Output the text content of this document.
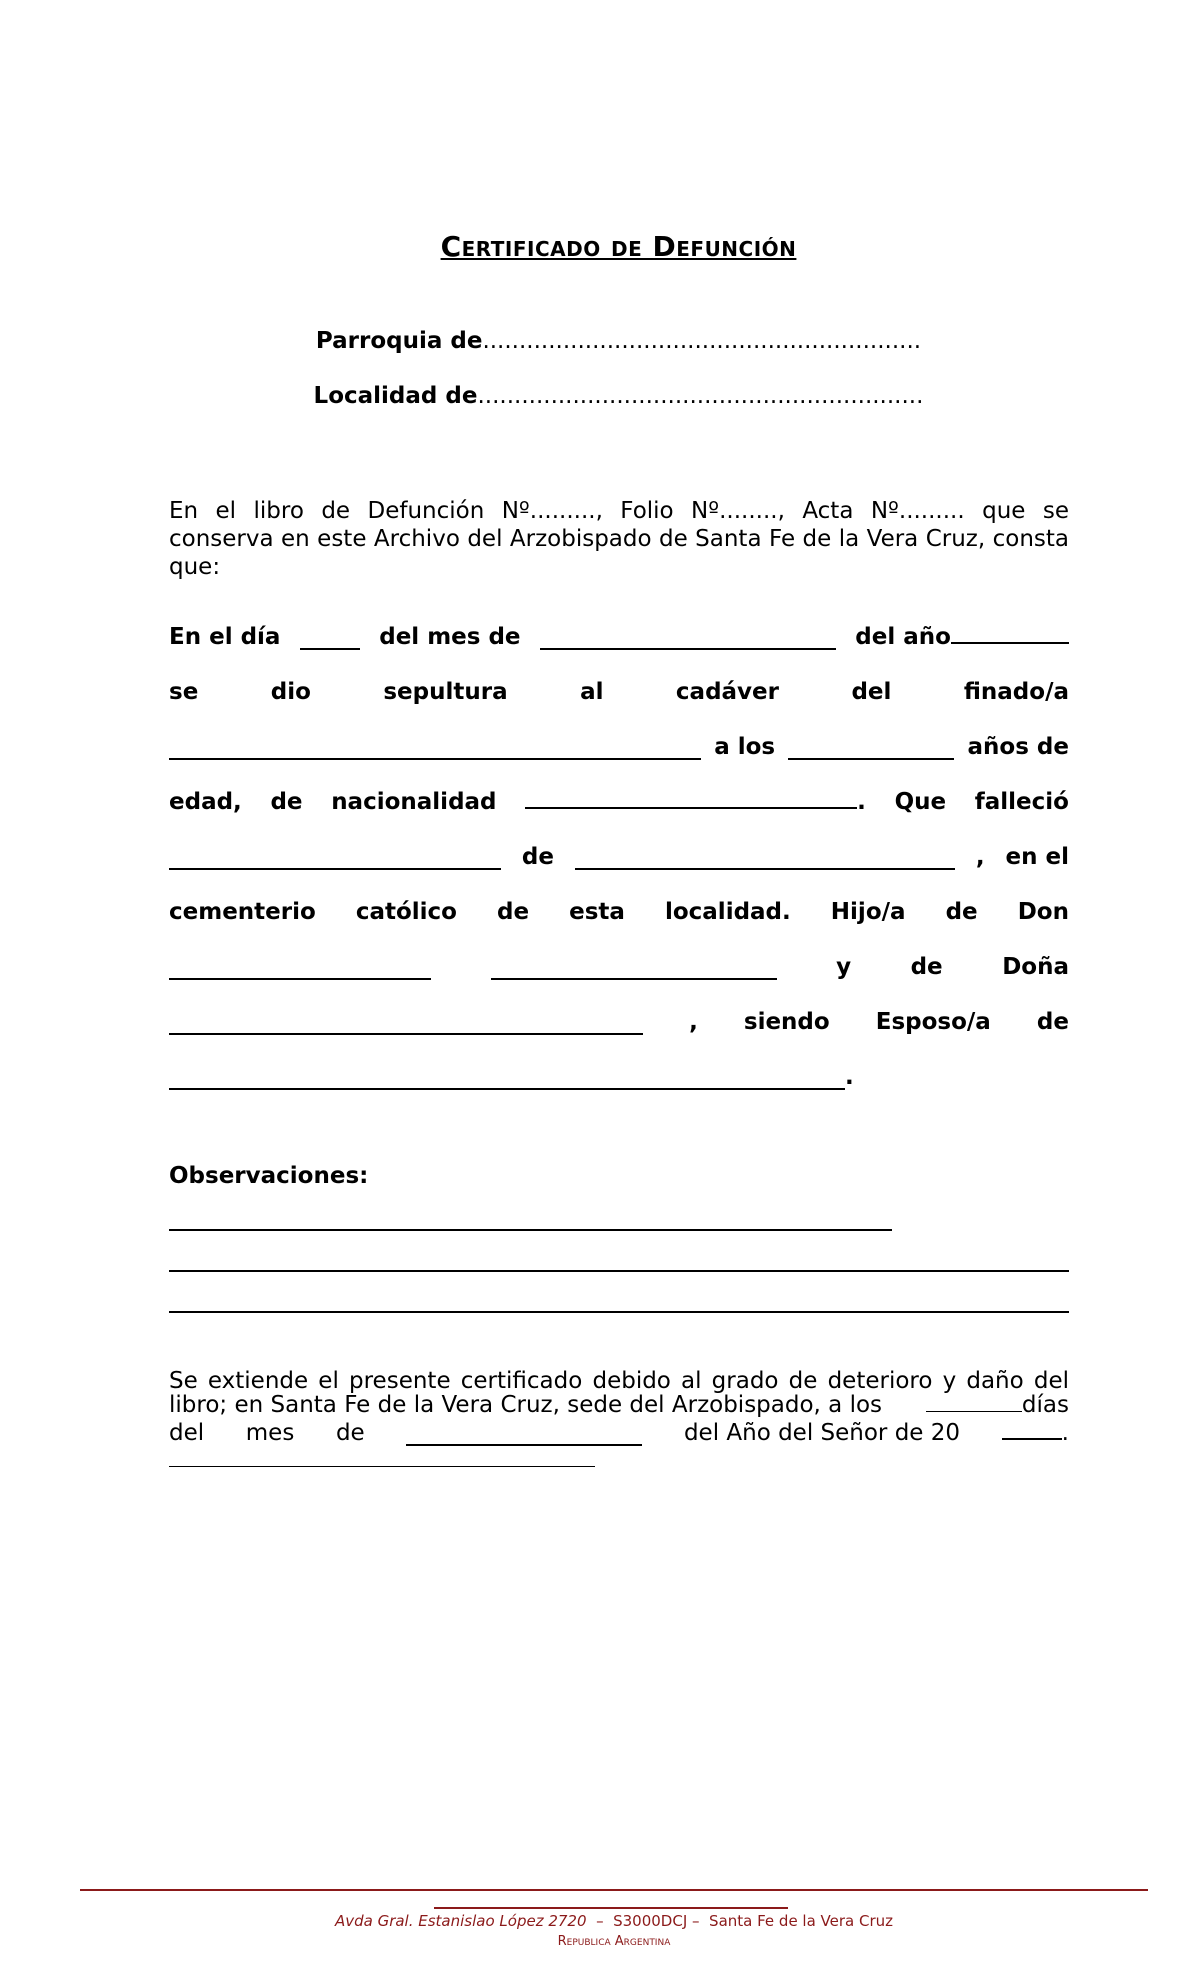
Certificado de Defunción
Parroquia de............................................................
Localidad de.............................................................
En el libro de Defunción Nº........., Folio Nº........, Acta Nº......... que se conserva en este Archivo del Arzobispado de Santa Fe de la Vera Cruz, consta que:
En el día	del mes de	del año
se	dio	sepultura	al	cadáver	del	finado/a
a los	años de
edad, de nacionalidad	. Que falleció
de	, en el
cementerio católico de esta localidad. Hijo/a de Don
y	de	Doña
, siendo Esposo/a de
.
Observaciones:
Se extiende el presente certificado debido al grado de deterioro y daño del
libro; en Santa Fe de la Vera Cruz, sede del Arzobispado, a los	días
del mes de	del Año del Señor de 20	.
Avda Gral. Estanislao López 2720  –  S3000DCJ –  Santa Fe de la Vera Cruz
Republica Argentina
